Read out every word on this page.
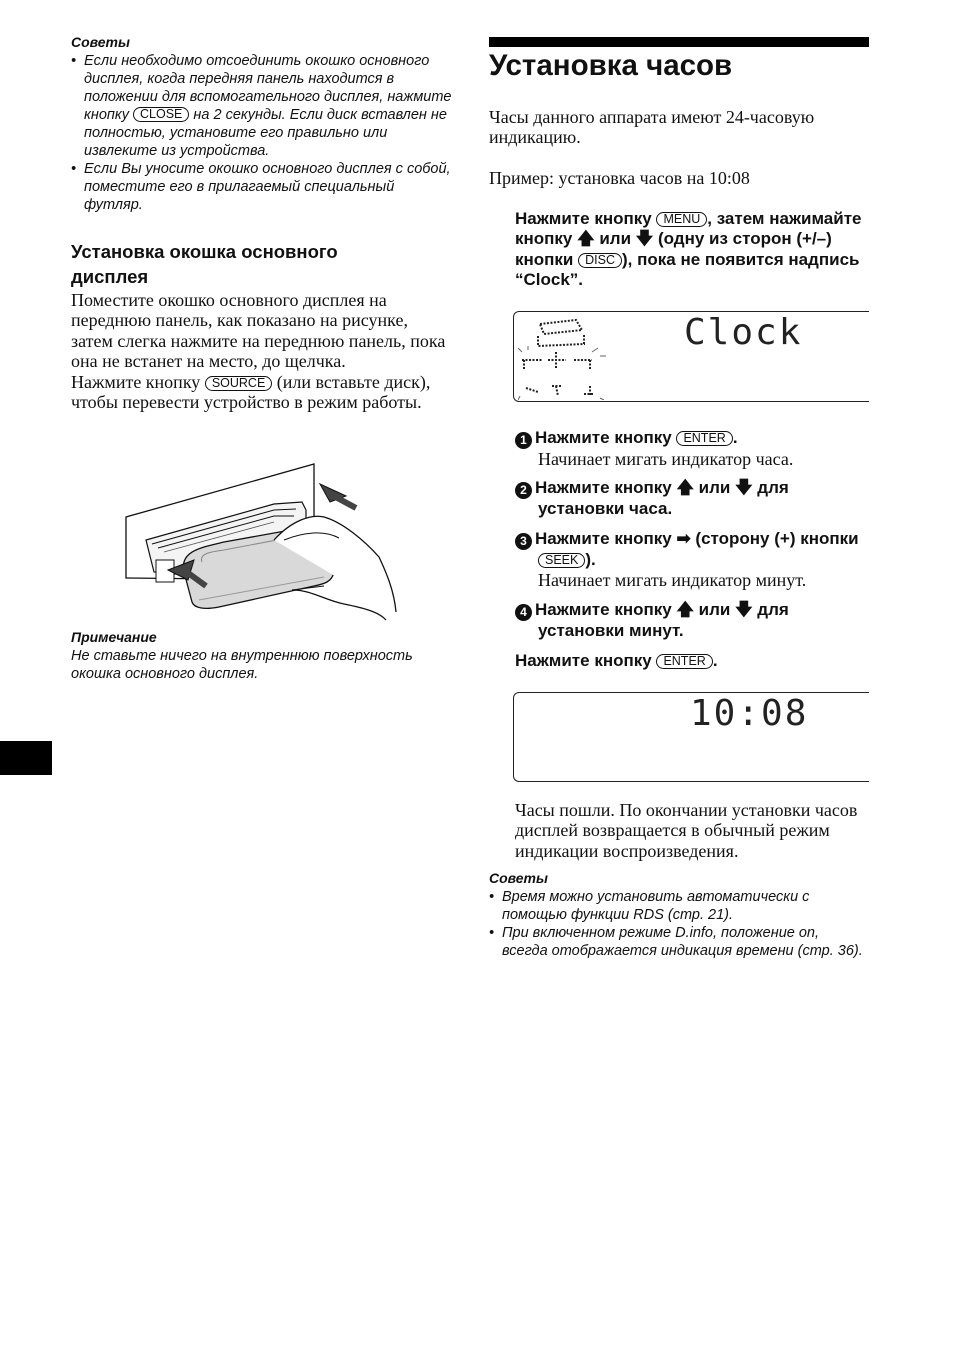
Советы
• Если необходимо отсоединить окошко основного дисплея, когда передняя панель находится в положении для вспомогательного дисплея, нажмите кнопку CLOSE на 2 секунды. Если диск вставлен не полностью, установите его правильно или извлеките из устройства.
• Если Вы уносите окошко основного дисплея с собой, поместите его в прилагаемый специальный футляр.
Установка окошка основного дисплея
Поместите окошко основного дисплея на переднюю панель, как показано на рисунке, затем слегка нажмите на переднюю панель, пока она не встанет на место, до щелчка.
Нажмите кнопку SOURCE (или вставьте диск), чтобы перевести устройство в режим работы.
Примечание
Не ставьте ничего на внутреннюю поверхность окошка основного дисплея.
Установка часов
Часы данного аппарата имеют 24-часовую индикацию.
Пример: установка часов на 10:08
Нажмите кнопку MENU , затем нажимайте кнопку 🡅 или 🡇 (одну из сторон (+/–) кнопки DISC ), пока не появится надпись “Clock”.
Clock
1 Нажмите кнопку ENTER .
Начинает мигать индикатор часа.
2 Нажмите кнопку 🡅 или 🡇 для установки часа.
3 Нажмите кнопку ➡ (сторону (+) кнопки SEEK ).
Начинает мигать индикатор минут.
4 Нажмите кнопку 🡅 или 🡇 для установки минут.
Нажмите кнопку ENTER .
10:08
Часы пошли. По окончании установки часов дисплей возвращается в обычный режим индикации воспроизведения.
Советы
• Время можно установить автоматически с помощью функции RDS (стр. 21).
• При включенном режиме D.info, положение on, всегда отображается индикация времени (стр. 36).
